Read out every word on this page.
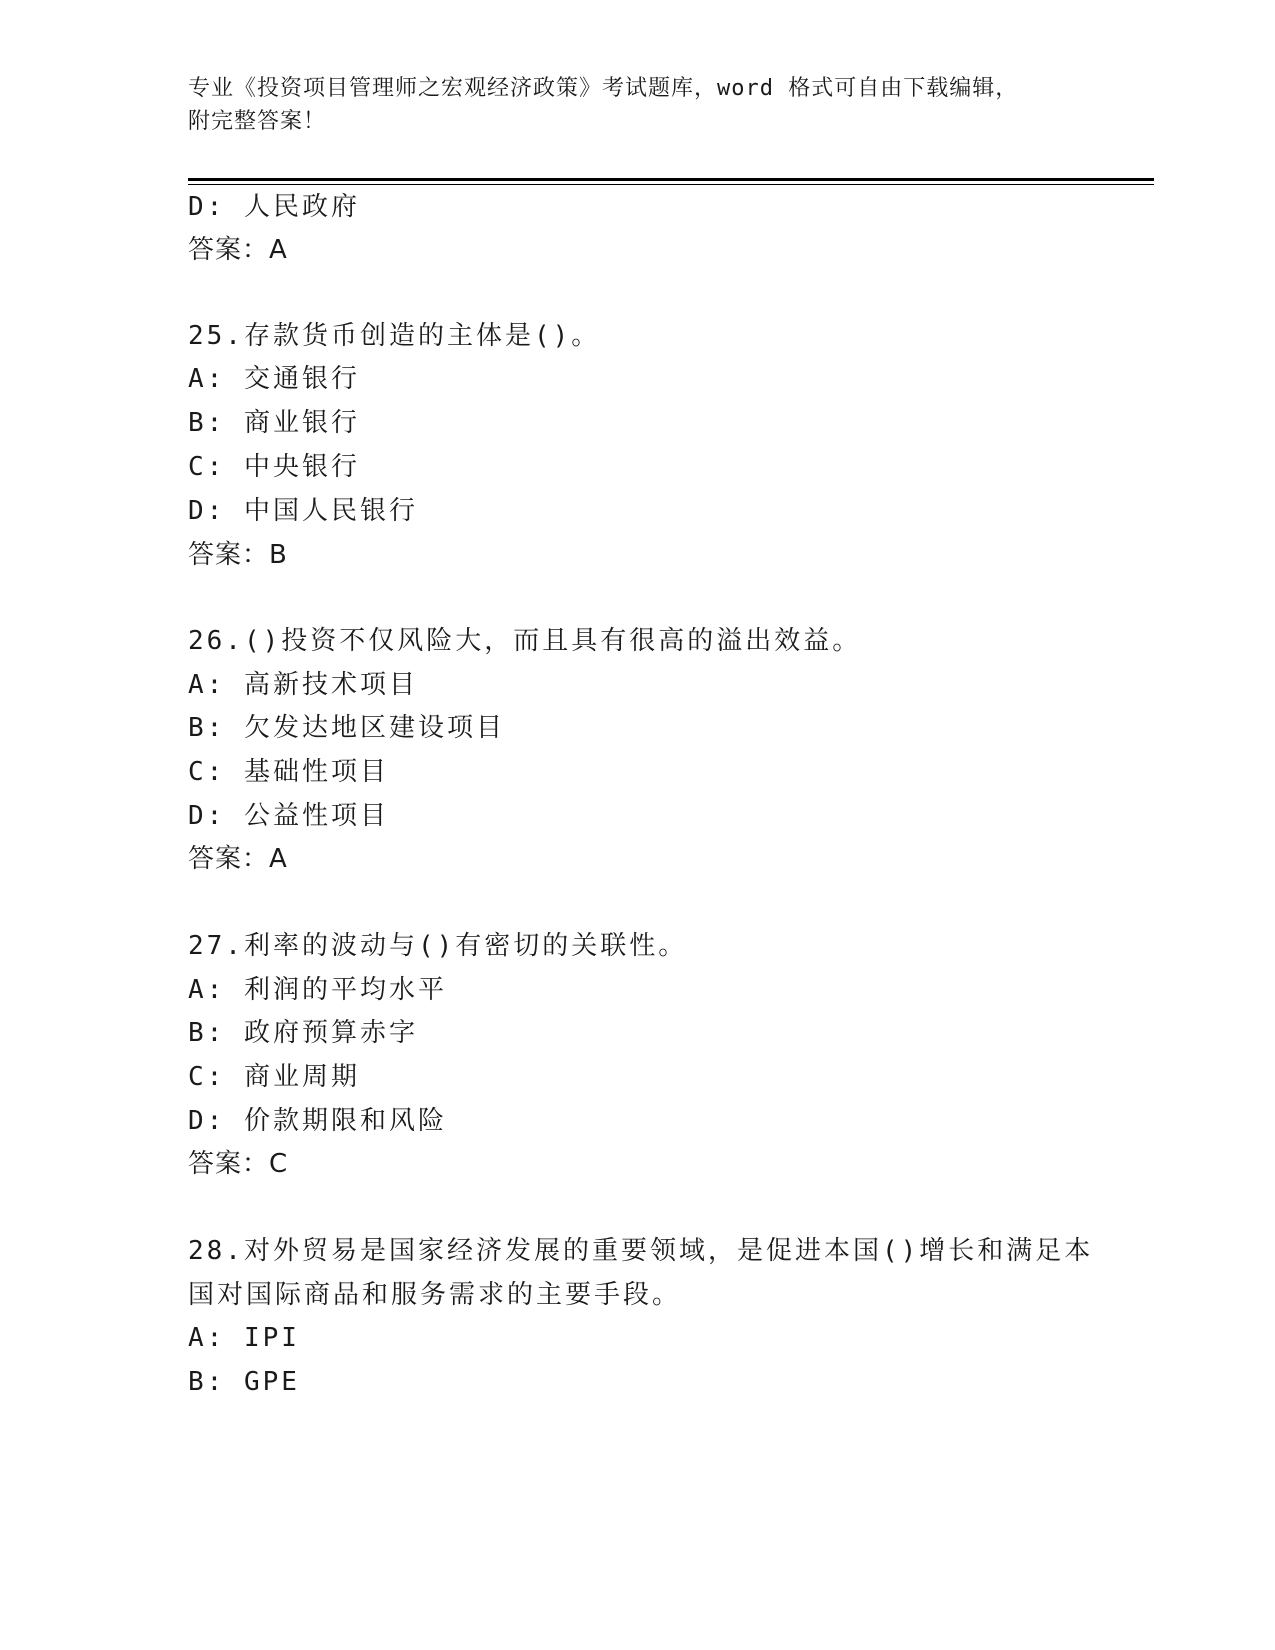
专业《投资项目管理师之宏观经济政策》考试题库，word 格式可自由下载编辑，
附完整答案！
D: 人民政府
答案：A
25.存款货币创造的主体是()。
A: 交通银行
B: 商业银行
C: 中央银行
D: 中国人民银行
答案：B
26.()投资不仅风险大，而且具有很高的溢出效益。
A: 高新技术项目
B: 欠发达地区建设项目
C: 基础性项目
D: 公益性项目
答案：A
27.利率的波动与()有密切的关联性。
A: 利润的平均水平
B: 政府预算赤字
C: 商业周期
D: 价款期限和风险
答案：C
28.对外贸易是国家经济发展的重要领域，是促进本国()增长和满足本
国对国际商品和服务需求的主要手段。
A: IPI
B: GPE
